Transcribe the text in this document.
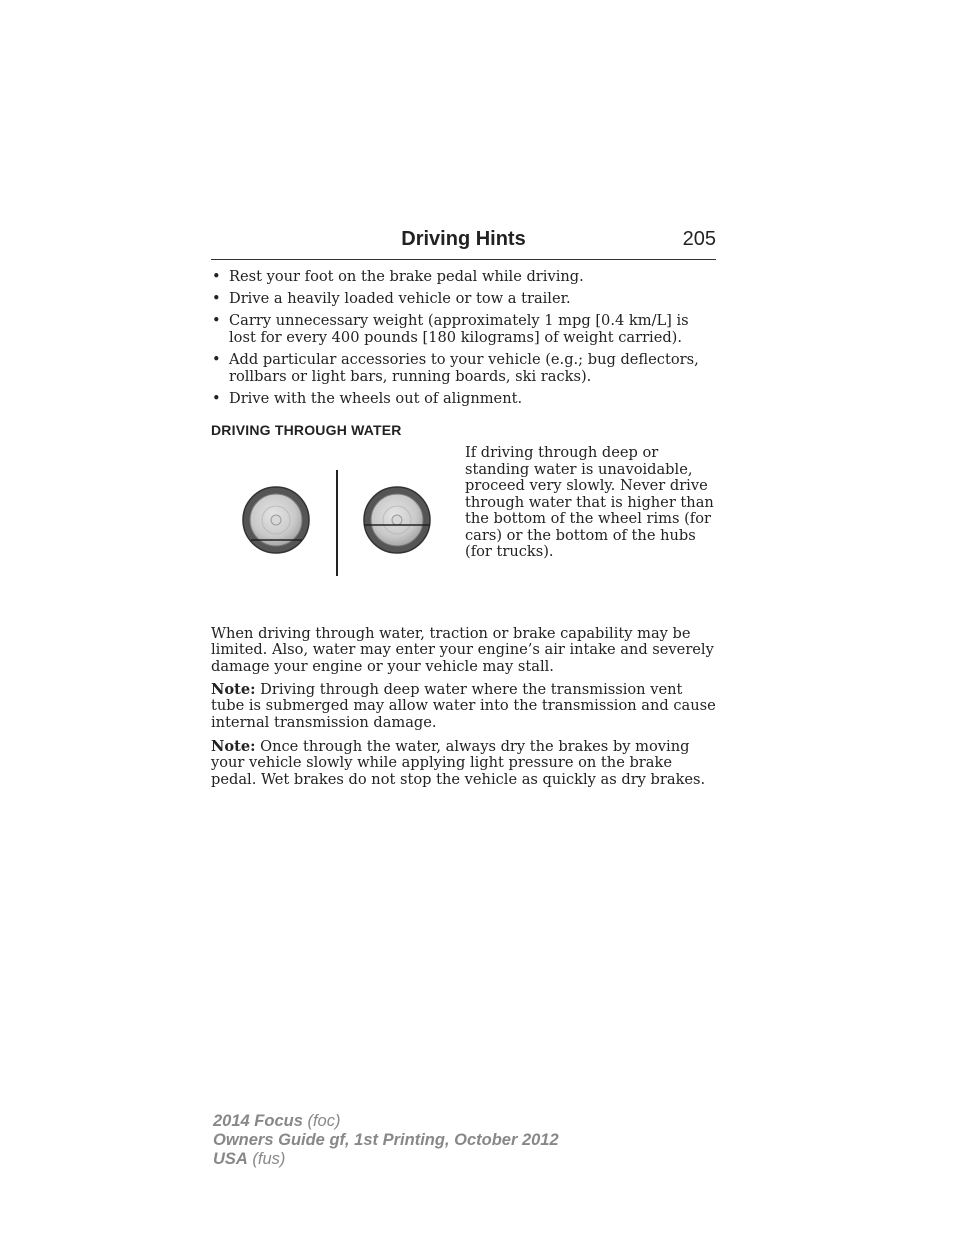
Driving Hints	205
• Rest your foot on the brake pedal while driving.
• Drive a heavily loaded vehicle or tow a trailer.
• Carry unnecessary weight (approximately 1 mpg [0.4 km/L] is lost for every 400 pounds [180 kilograms] of weight carried).
• Add particular accessories to your vehicle (e.g.; bug deflectors, rollbars or light bars, running boards, ski racks).
• Drive with the wheels out of alignment.
DRIVING THROUGH WATER
If driving through deep or standing water is unavoidable, proceed very slowly. Never drive through water that is higher than the bottom of the wheel rims (for cars) or the bottom of the hubs (for trucks).

When driving through water, traction or brake capability may be limited. Also, water may enter your engine’s air intake and severely damage your engine or your vehicle may stall.

Note: Driving through deep water where the transmission vent tube is submerged may allow water into the transmission and cause internal transmission damage.

Note: Once through the water, always dry the brakes by moving your vehicle slowly while applying light pressure on the brake pedal. Wet brakes do not stop the vehicle as quickly as dry brakes.

2014 Focus (foc)
Owners Guide gf, 1st Printing, October 2012
USA (fus)
